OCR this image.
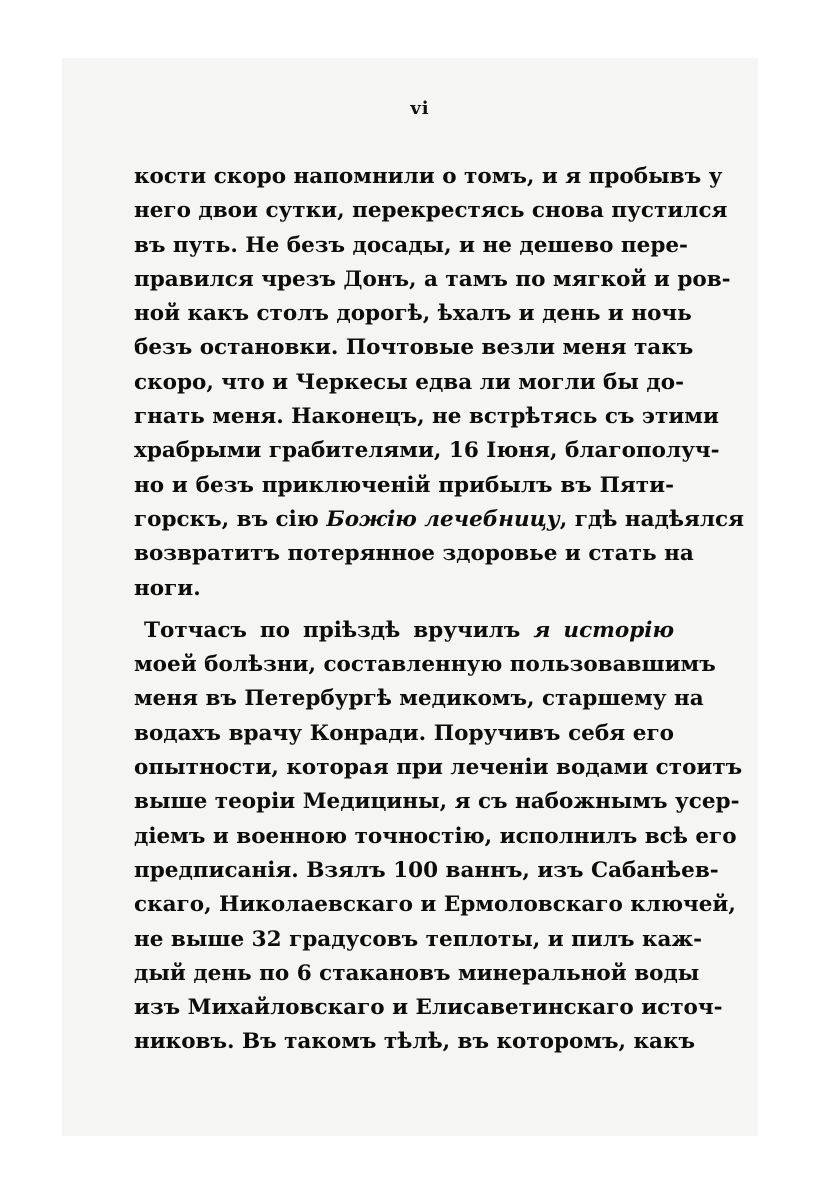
vi
кости скоро напомнили о томъ, и я пробывъ у
него двои сутки, перекрестясь снова пустился
въ путь. Не безъ досады, и не дешево пере-
правился чрезъ Донъ, а тамъ по мягкой и ров-
ной какъ столъ дорогѣ, ѣхалъ и день и ночь
безъ остановки. Почтовые везли меня такъ
скоро, что и Черкесы едва ли могли бы до-
гнать меня. Наконецъ, не встрѣтясь съ этими
храбрыми грабителями, 16 Іюня, благополуч-
но и безъ приключеній прибылъ въ Пяти-
горскъ, въ сію Божію лечебницу, гдѣ надѣялся
возвратитъ потерянное здоровье и стать на
ноги.
Тотчасъ по пріѣздѣ вручилъ я исторію
моей болѣзни, составленную пользовавшимъ
меня въ Петербургѣ медикомъ, старшему на
водахъ врачу Конради. Поручивъ себя его
опытности, которая при леченіи водами стоитъ
выше теоріи Медицины, я съ набожнымъ усер-
діемъ и военною точностію, исполнилъ всѣ его
предписанія. Взялъ 100 ваннъ, изъ Сабанѣев-
скаго, Николаевскаго и Ермоловскаго ключей,
не выше 32 градусовъ теплоты, и пилъ каж-
дый день по 6 стакановъ минеральной воды
изъ Михайловскаго и Елисаветинскаго источ-
никовъ. Въ такомъ тѣлѣ, въ которомъ, какъ
